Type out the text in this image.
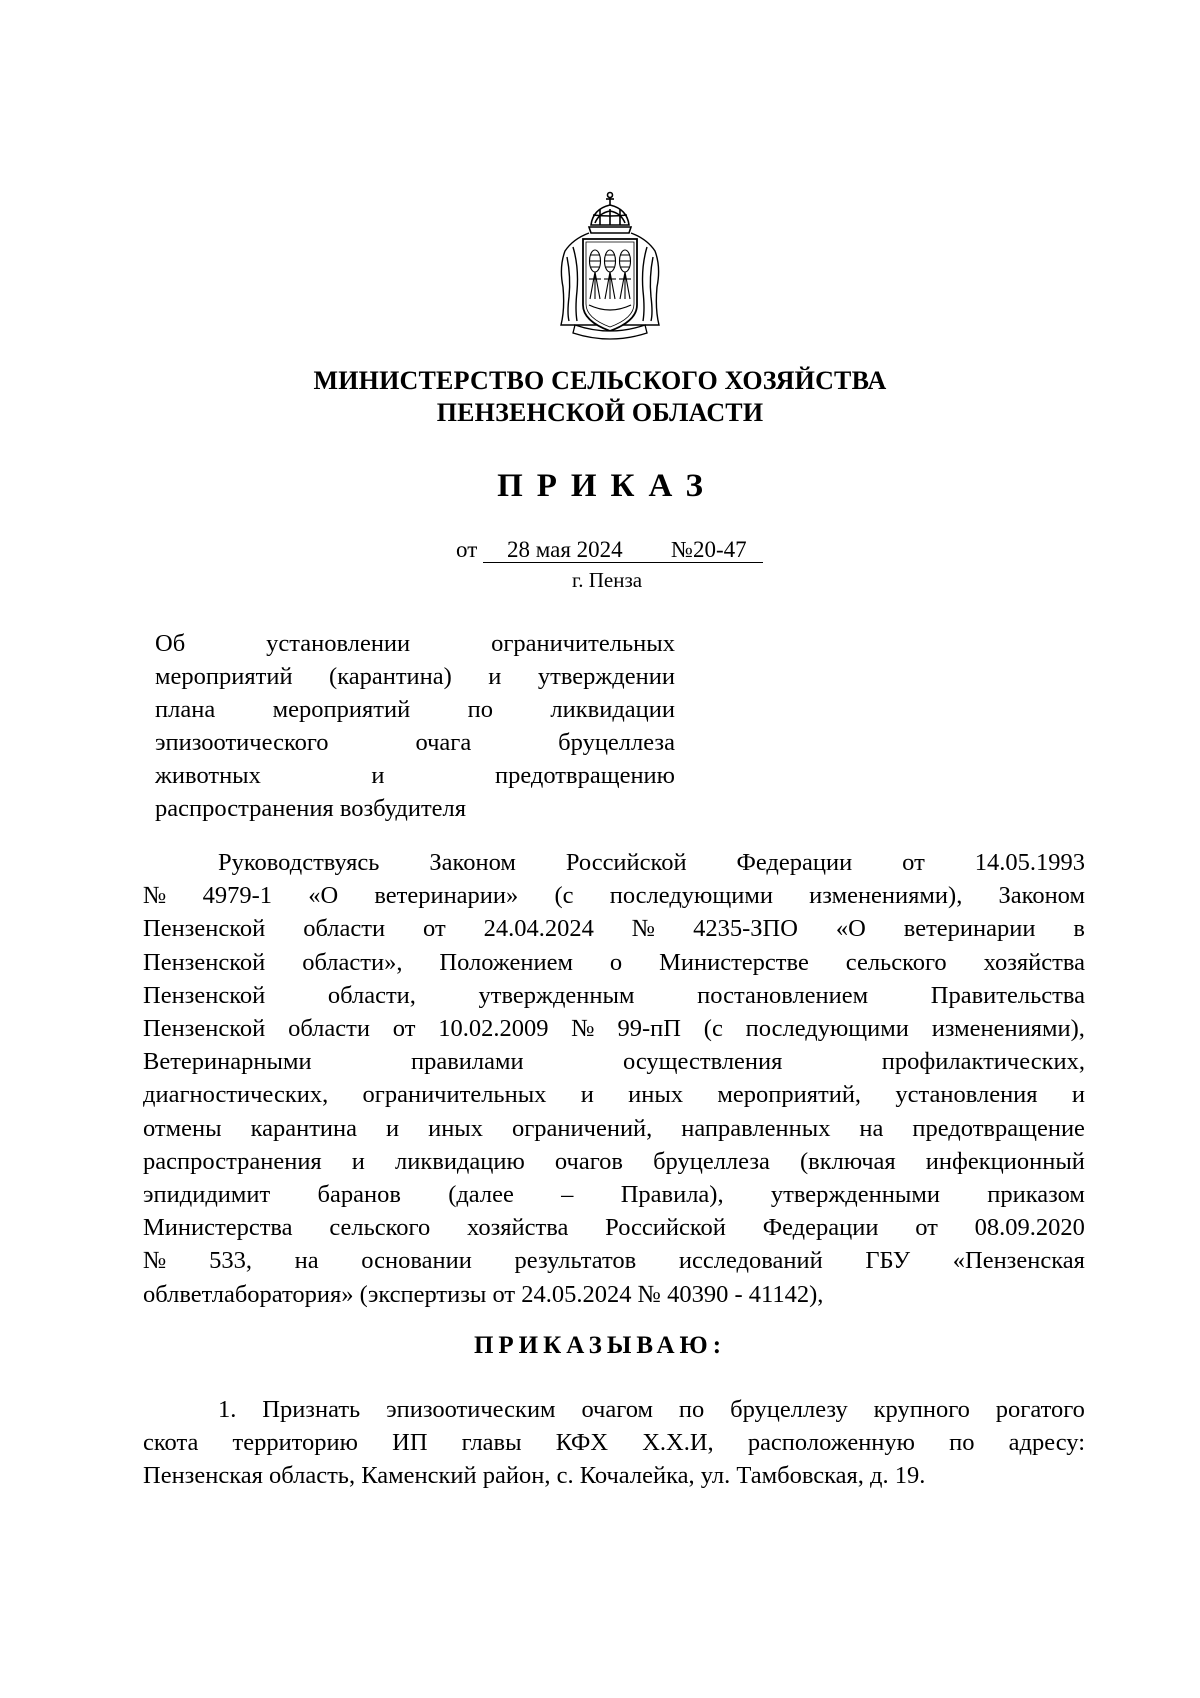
МИНИСТЕРСТВО СЕЛЬСКОГО ХОЗЯЙСТВА
ПЕНЗЕНСКОЙ ОБЛАСТИ
ПРИКАЗ
от 28 мая 2024 №20-47
г. Пенза
Об	установлении	ограничительных
мероприятий (карантина) и утверждении
плана мероприятий по ликвидации
эпизоотического	очага	бруцеллеза
животных	и	предотвращению
распространения возбудителя
Руководствуясь Законом Российской Федерации от 14.05.1993
№ 4979-1 «О ветеринарии» (с последующими изменениями), Законом
Пензенской области от 24.04.2024 № 4235-ЗПО «О ветеринарии в
Пензенской области», Положением о Министерстве сельского хозяйства
Пензенской	области,	утвержденным	постановлением	Правительства
Пензенской области от 10.02.2009 № 99-пП (с последующими изменениями),
Ветеринарными	правилами	осуществления	профилактических,
диагностических, ограничительных и иных мероприятий, установления и
отмены карантина и иных ограничений, направленных на предотвращение
распространения и ликвидацию очагов бруцеллеза (включая инфекционный
эпидидимит баранов (далее – Правила), утвержденными приказом
Министерства сельского хозяйства Российской Федерации от 08.09.2020
№ 533, на основании результатов исследований ГБУ «Пензенская
облветлаборатория» (экспертизы от 24.05.2024 № 40390 - 41142),
ПРИКАЗЫВАЮ:
1. Признать эпизоотическим очагом по бруцеллезу крупного рогатого
скота территорию ИП главы КФХ Х.Х.И, расположенную по адресу:
Пензенская область, Каменский район, с. Кочалейка, ул. Тамбовская, д. 19.
